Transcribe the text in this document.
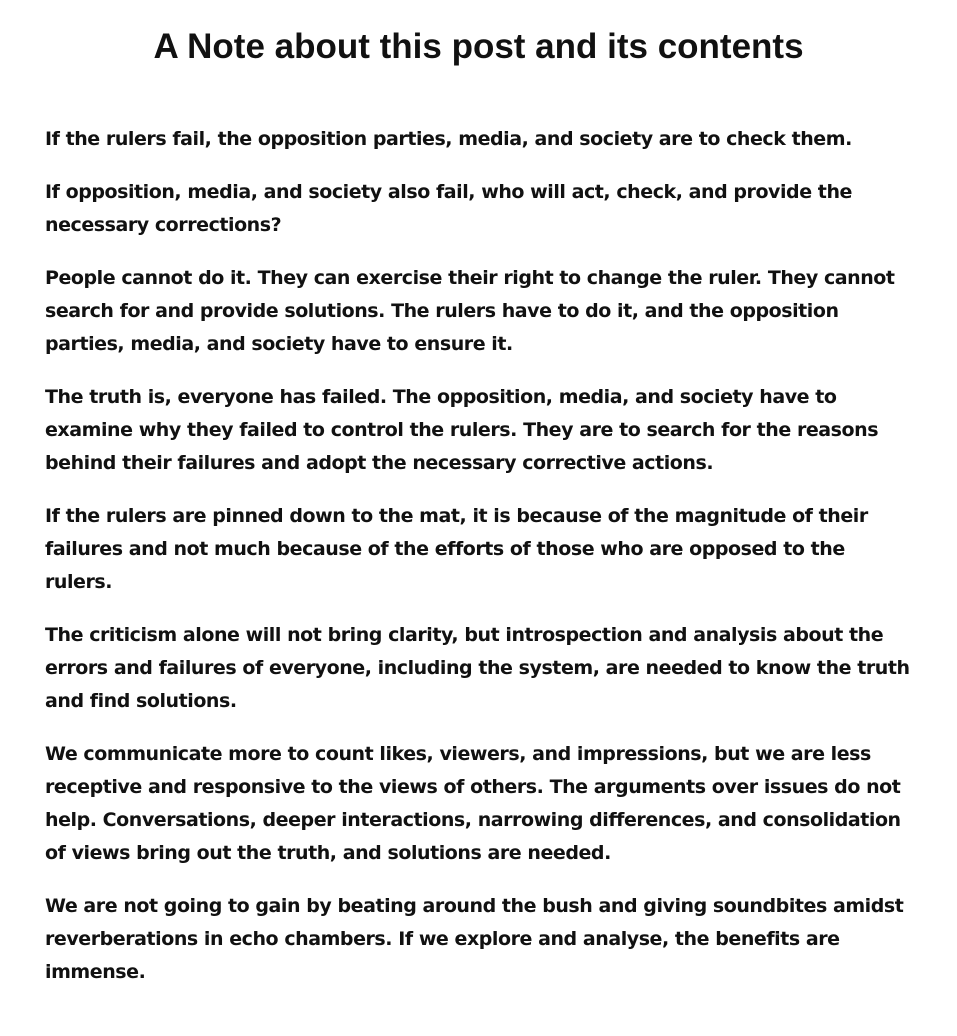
A Note about this post and its contents

If the rulers fail, the opposition parties, media, and society are to check them.

If opposition, media, and society also fail, who will act, check, and provide the necessary corrections?

People cannot do it. They can exercise their right to change the ruler. They cannot search for and provide solutions. The rulers have to do it, and the opposition parties, media, and society have to ensure it.

The truth is, everyone has failed. The opposition, media, and society have to examine why they failed to control the rulers. They are to search for the reasons behind their failures and adopt the necessary corrective actions.

If the rulers are pinned down to the mat, it is because of the magnitude of their failures and not much because of the efforts of those who are opposed to the rulers.

The criticism alone will not bring clarity, but introspection and analysis about the errors and failures of everyone, including the system, are needed to know the truth and find solutions.

We communicate more to count likes, viewers, and impressions, but we are less receptive and responsive to the views of others. The arguments over issues do not help. Conversations, deeper interactions, narrowing differences, and consolidation of views bring out the truth, and solutions are needed.

We are not going to gain by beating around the bush and giving soundbites amidst reverberations in echo chambers. If we explore and analyse, the benefits are immense.
